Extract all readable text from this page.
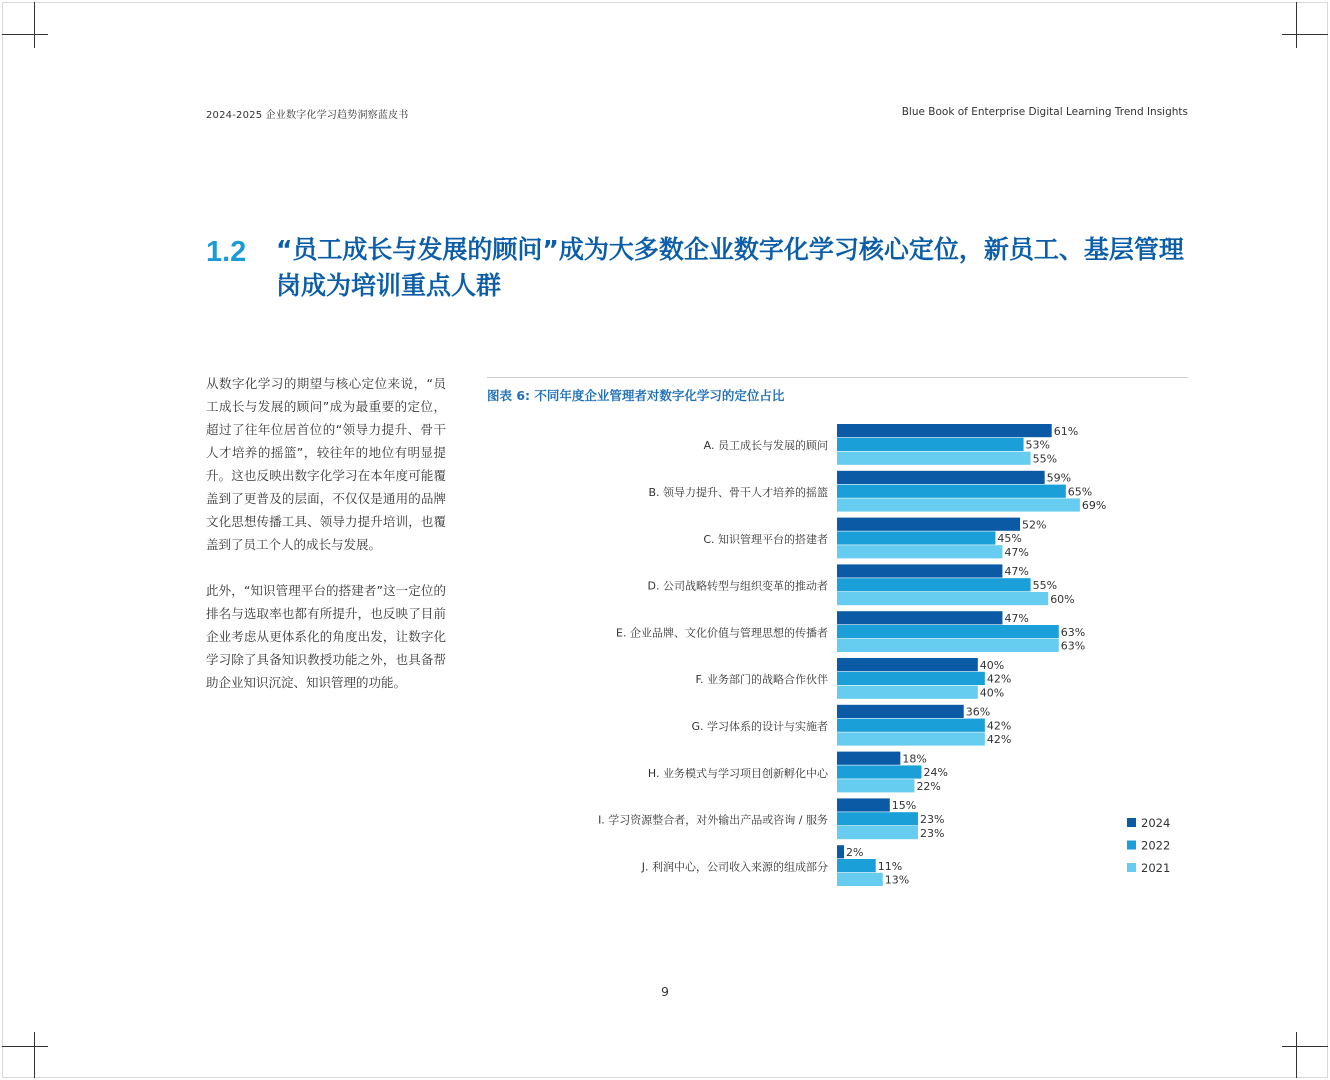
2024-2025 企业数字化学习趋势洞察蓝皮书	Blue Book of Enterprise Digital Learning Trend Insights
1.2 “员工成长与发展的顾问”成为大多数企业数字化学习核心定位，新员工、基层管理岗成为培训重点人群

从数字化学习的期望与核心定位来说，“员工成长与发展的顾问”成为最重要的定位，超过了往年位居首位的“领导力提升、骨干人才培养的摇篮”，较往年的地位有明显提升。这也反映出数字化学习在本年度可能覆盖到了更普及的层面，不仅仅是通用的品牌文化思想传播工具、领导力提升培训，也覆盖到了员工个人的成长与发展。

此外，“知识管理平台的搭建者”这一定位的排名与选取率也都有所提升，也反映了目前企业考虑从更体系化的角度出发，让数字化学习除了具备知识教授功能之外，也具备帮助企业知识沉淀、知识管理的功能。

图表 6: 不同年度企业管理者对数字化学习的定位占比
A. 员工成长与发展的顾问
61%
53%
55%
B. 领导力提升、骨干人才培养的摇篮
59%
65%
69%
C. 知识管理平台的搭建者
52%
45%
47%
D. 公司战略转型与组织变革的推动者
47%
55%
60%
E. 企业品牌、文化价值与管理思想的传播者
47%
63%
63%
F. 业务部门的战略合作伙伴
40%
42%
40%
G. 学习体系的设计与实施者
36%
42%
42%
H. 业务模式与学习项目创新孵化中心
18%
24%
22%
I. 学习资源整合者，对外输出产品或咨询 / 服务
15%
23%
23%
J. 利润中心，公司收入来源的组成部分
2%
11%
13%
2024
2022
2021
9
